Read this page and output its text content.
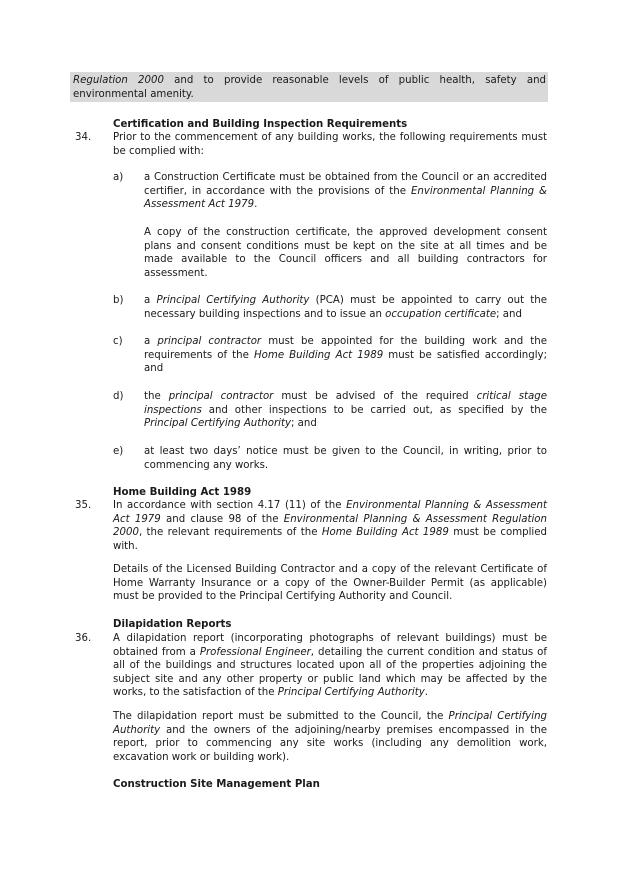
Regulation 2000 and to provide reasonable levels of public health, safety and environmental amenity.
Certification and Building Inspection Requirements
34. Prior to the commencement of any building works, the following requirements must be complied with:
a) a Construction Certificate must be obtained from the Council or an accredited certifier, in accordance with the provisions of the Environmental Planning & Assessment Act 1979.
A copy of the construction certificate, the approved development consent plans and consent conditions must be kept on the site at all times and be made available to the Council officers and all building contractors for assessment.
b) a Principal Certifying Authority (PCA) must be appointed to carry out the necessary building inspections and to issue an occupation certificate; and
c) a principal contractor must be appointed for the building work and the requirements of the Home Building Act 1989 must be satisfied accordingly; and
d) the principal contractor must be advised of the required critical stage inspections and other inspections to be carried out, as specified by the Principal Certifying Authority; and
e) at least two days’ notice must be given to the Council, in writing, prior to commencing any works.
Home Building Act 1989
35. In accordance with section 4.17 (11) of the Environmental Planning & Assessment Act 1979 and clause 98 of the Environmental Planning & Assessment Regulation 2000, the relevant requirements of the Home Building Act 1989 must be complied with.
Details of the Licensed Building Contractor and a copy of the relevant Certificate of Home Warranty Insurance or a copy of the Owner-Builder Permit (as applicable) must be provided to the Principal Certifying Authority and Council.
Dilapidation Reports
36. A dilapidation report (incorporating photographs of relevant buildings) must be obtained from a Professional Engineer, detailing the current condition and status of all of the buildings and structures located upon all of the properties adjoining the subject site and any other property or public land which may be affected by the works, to the satisfaction of the Principal Certifying Authority.
The dilapidation report must be submitted to the Council, the Principal Certifying Authority and the owners of the adjoining/nearby premises encompassed in the report, prior to commencing any site works (including any demolition work, excavation work or building work).
Construction Site Management Plan
